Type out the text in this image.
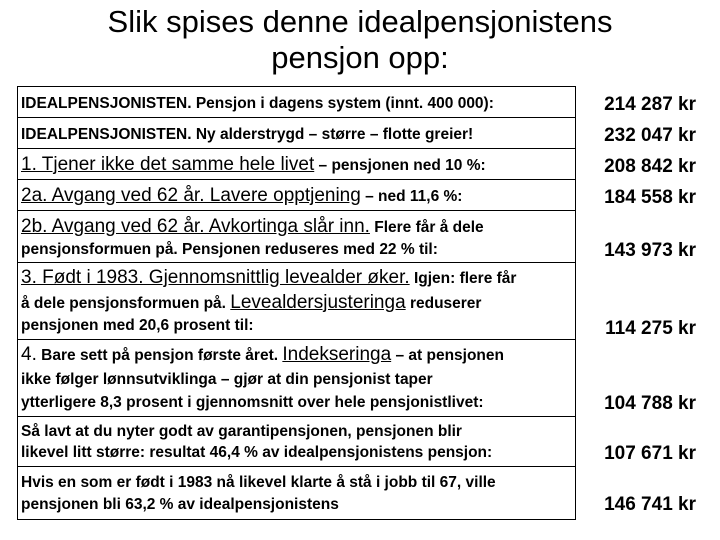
Slik spises denne idealpensjonistens
pensjon opp:
IDEALPENSJONISTEN. Pensjon i dagens system (innt. 400 000):
IDEALPENSJONISTEN. Ny alderstrygd – større – flotte greier!
1. Tjener ikke det samme hele livet – pensjonen ned 10 %:
2a. Avgang ved 62 år. Lavere opptjening – ned 11,6 %:
2b. Avgang ved 62 år. Avkortinga slår inn. Flere får å dele
pensjonsformuen på. Pensjonen reduseres med 22 % til:
3. Født i 1983. Gjennomsnittlig levealder øker. Igjen: flere får
å dele pensjonsformuen på. Levealdersjusteringa reduserer
pensjonen med 20,6 prosent til:
4. Bare sett på pensjon første året. Indekseringa – at pensjonen
ikke følger lønnsutviklinga – gjør at din pensjonist taper
ytterligere 8,3 prosent i gjennomsnitt over hele pensjonistlivet:
Så lavt at du nyter godt av garantipensjonen, pensjonen blir
likevel litt større: resultat 46,4 % av idealpensjonistens pensjon:
Hvis en som er født i 1983 nå likevel klarte å stå i jobb til 67, ville
pensjonen bli 63,2 % av idealpensjonistens
214 287 kr
232 047 kr
208 842 kr
184 558 kr
143 973 kr
114 275 kr
104 788 kr
107 671 kr
146 741 kr
